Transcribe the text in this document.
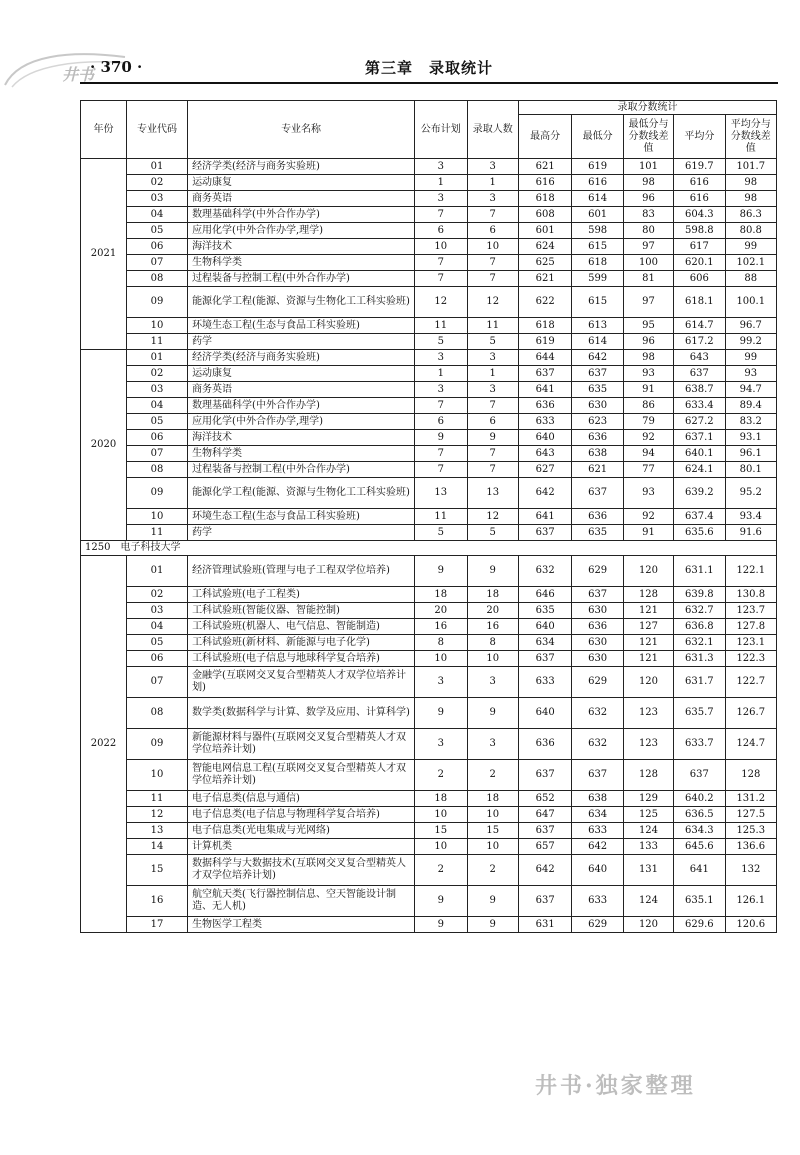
井书
· 370 ·	第三章　录取统计
年份	专业代码	专业名称	公布计划	录取人数	录取分数统计				
					最高分	最低分	最低分与分数线差值	平均分	平均分与分数线差值
2021	01	经济学类(经济与商务实验班)	3	3	621	619	101	619.7	101.7
	02	运动康复	1	1	616	616	98	616	98
	03	商务英语	3	3	618	614	96	616	98
	04	数理基础科学(中外合作办学)	7	7	608	601	83	604.3	86.3
	05	应用化学(中外合作办学,理学)	6	6	601	598	80	598.8	80.8
	06	海洋技术	10	10	624	615	97	617	99
	07	生物科学类	7	7	625	618	100	620.1	102.1
	08	过程装备与控制工程(中外合作办学)	7	7	621	599	81	606	88
	09	能源化学工程(能源、资源与生物化工工科实验班)	12	12	622	615	97	618.1	100.1
	10	环境生态工程(生态与食品工科实验班)	11	11	618	613	95	614.7	96.7
	11	药学	5	5	619	614	96	617.2	99.2
2020	01	经济学类(经济与商务实验班)	3	3	644	642	98	643	99
	02	运动康复	1	1	637	637	93	637	93
	03	商务英语	3	3	641	635	91	638.7	94.7
	04	数理基础科学(中外合作办学)	7	7	636	630	86	633.4	89.4
	05	应用化学(中外合作办学,理学)	6	6	633	623	79	627.2	83.2
	06	海洋技术	9	9	640	636	92	637.1	93.1
	07	生物科学类	7	7	643	638	94	640.1	96.1
	08	过程装备与控制工程(中外合作办学)	7	7	627	621	77	624.1	80.1
	09	能源化学工程(能源、资源与生物化工工科实验班)	13	13	642	637	93	639.2	95.2
	10	环境生态工程(生态与食品工科实验班)	11	12	641	636	92	637.4	93.4
	11	药学	5	5	637	635	91	635.6	91.6
1250　电子科技大学									
2022	01	经济管理试验班(管理与电子工程双学位培养)	9	9	632	629	120	631.1	122.1
	02	工科试验班(电子工程类)	18	18	646	637	128	639.8	130.8
	03	工科试验班(智能仪器、智能控制)	20	20	635	630	121	632.7	123.7
	04	工科试验班(机器人、电气信息、智能制造)	16	16	640	636	127	636.8	127.8
	05	工科试验班(新材料、新能源与电子化学)	8	8	634	630	121	632.1	123.1
	06	工科试验班(电子信息与地球科学复合培养)	10	10	637	630	121	631.3	122.3
	07	金融学(互联网交叉复合型精英人才双学位培养计划)	3	3	633	629	120	631.7	122.7
	08	数学类(数据科学与计算、数学及应用、计算科学)	9	9	640	632	123	635.7	126.7
	09	新能源材料与器件(互联网交叉复合型精英人才双学位培养计划)	3	3	636	632	123	633.7	124.7
	10	智能电网信息工程(互联网交叉复合型精英人才双学位培养计划)	2	2	637	637	128	637	128
	11	电子信息类(信息与通信)	18	18	652	638	129	640.2	131.2
	12	电子信息类(电子信息与物理科学复合培养)	10	10	647	634	125	636.5	127.5
	13	电子信息类(光电集成与光网络)	15	15	637	633	124	634.3	125.3
	14	计算机类	10	10	657	642	133	645.6	136.6
	15	数据科学与大数据技术(互联网交叉复合型精英人才双学位培养计划)	2	2	642	640	131	641	132
	16	航空航天类(飞行器控制信息、空天智能设计制造、无人机)	9	9	637	633	124	635.1	126.1
	17	生物医学工程类	9	9	631	629	120	629.6	120.6
井书·独家整理
